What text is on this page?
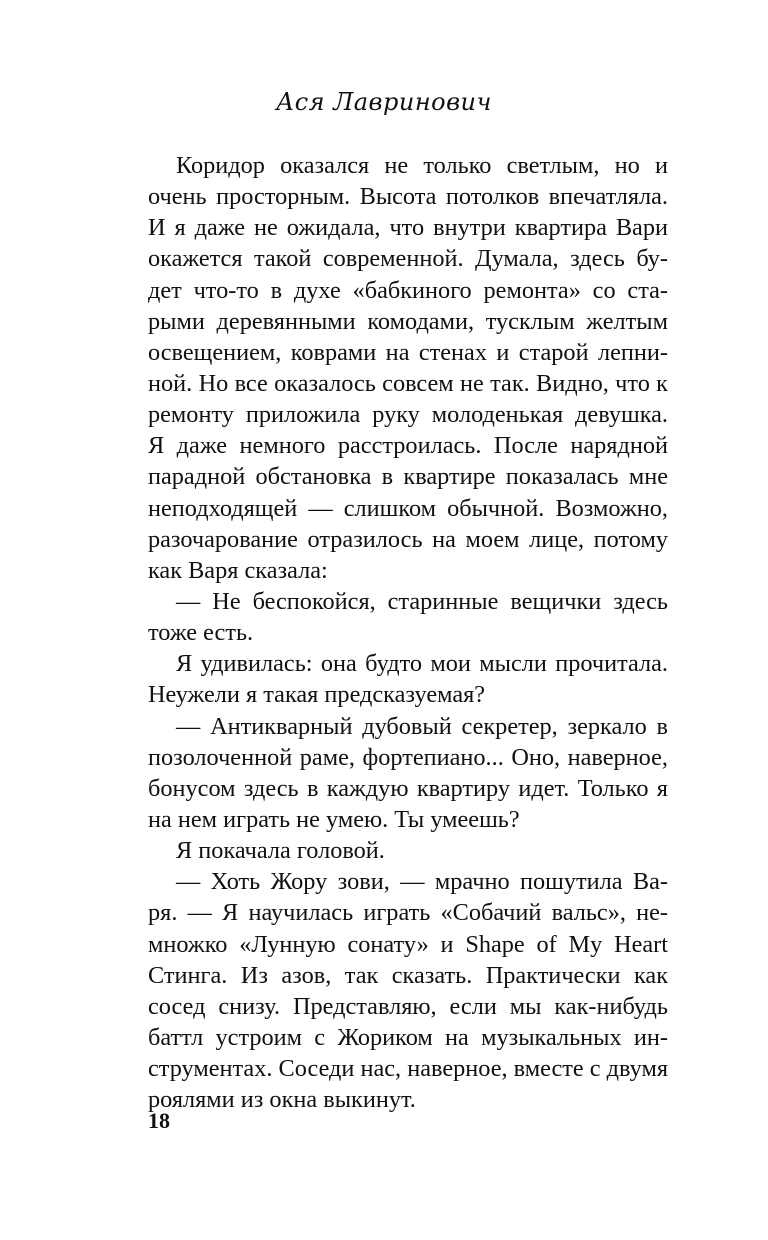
Ася Лавринович
Коридор оказался не только светлым, но и
очень просторным. Высота потолков впечатляла.
И я даже не ожидала, что внутри квартира Вари
окажется такой современной. Думала, здесь бу-
дет что-то в духе «бабкиного ремонта» со ста-
рыми деревянными комодами, тусклым желтым
освещением, коврами на стенах и старой лепни-
ной. Но все оказалось совсем не так. Видно, что к
ремонту приложила руку молоденькая девушка.
Я даже немного расстроилась. После нарядной
парадной обстановка в квартире показалась мне
неподходящей — слишком обычной. Возможно,
разочарование отразилось на моем лице, потому
как Варя сказала:
— Не беспокойся, старинные вещички здесь
тоже есть.
Я удивилась: она будто мои мысли прочитала.
Неужели я такая предсказуемая?
— Антикварный дубовый секретер, зеркало в
позолоченной раме, фортепиано... Оно, наверное,
бонусом здесь в каждую квартиру идет. Только я
на нем играть не умею. Ты умеешь?
Я покачала головой.
— Хоть Жору зови, — мрачно пошутила Ва-
ря. — Я научилась играть «Собачий вальс», не-
множко «Лунную сонату» и Shape of My Heart
Стинга. Из азов, так сказать. Практически как
сосед снизу. Представляю, если мы как-нибудь
баттл устроим с Жориком на музыкальных ин-
струментах. Соседи нас, наверное, вместе с двумя
роялями из окна выкинут.
18
